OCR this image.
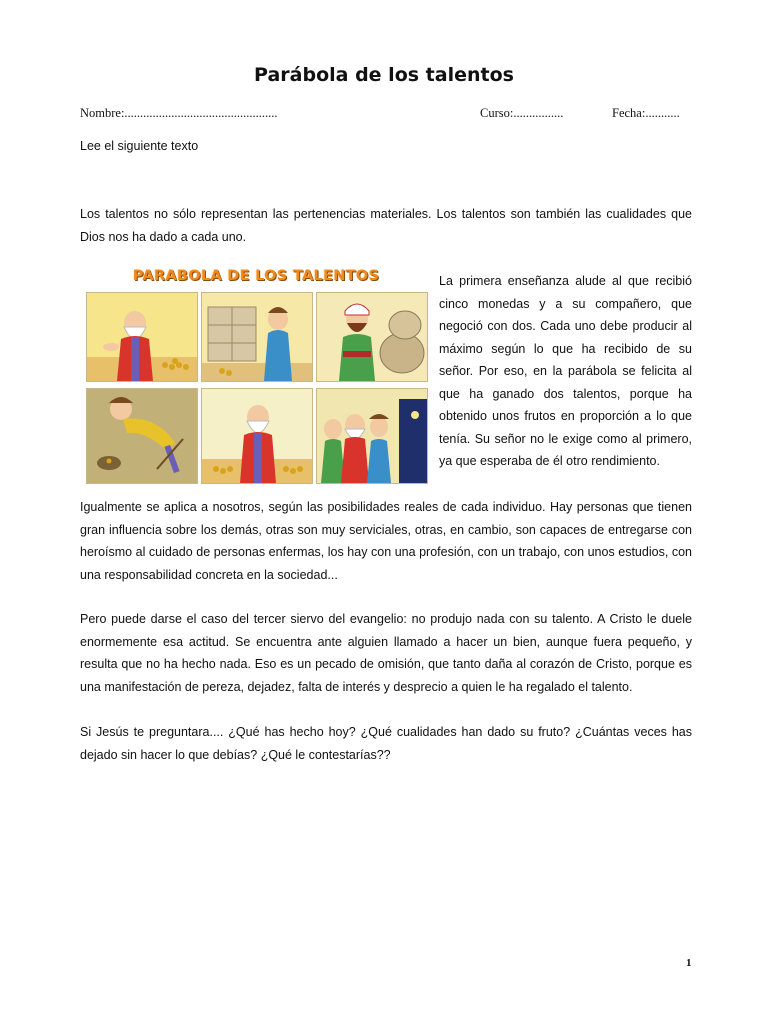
Parábola de los talentos
Nombre:.................................................	Curso:................	Fecha:...........
Lee el siguiente texto

Los talentos no sólo representan las pertenencias materiales. Los talentos son también las cualidades que Dios nos ha dado a cada uno.

PARABOLA DE LOS TALENTOS	La primera enseñanza alude al que recibió cinco monedas y a su compañero, que negoció con dos. Cada uno debe producir al máximo según lo que ha recibido de su señor. Por eso, en la parábola se felicita al que ha ganado dos talentos, porque ha obtenido unos frutos en proporción a lo que tenía. Su señor no le exige como al primero, ya que esperaba de él otro rendimiento.

Igualmente se aplica a nosotros, según las posibilidades reales de cada individuo. Hay personas que tienen gran influencia sobre los demás, otras son muy serviciales, otras, en cambio, son capaces de entregarse con heroísmo al cuidado de personas enfermas, los hay con una profesión, con un trabajo, con unos estudios, con una responsabilidad concreta en la sociedad...

Pero puede darse el caso del tercer siervo del evangelio: no produjo nada con su talento. A Cristo le duele enormemente esa actitud. Se encuentra ante alguien llamado a hacer un bien, aunque fuera pequeño, y resulta que no ha hecho nada. Eso es un pecado de omisión, que tanto daña al corazón de Cristo, porque es una manifestación de pereza, dejadez, falta de interés y desprecio a quien le ha regalado el talento.

Si Jesús te preguntara.... ¿Qué has hecho hoy? ¿Qué cualidades han dado su fruto? ¿Cuántas veces has dejado sin hacer lo que debías? ¿Qué le contestarías??

1
